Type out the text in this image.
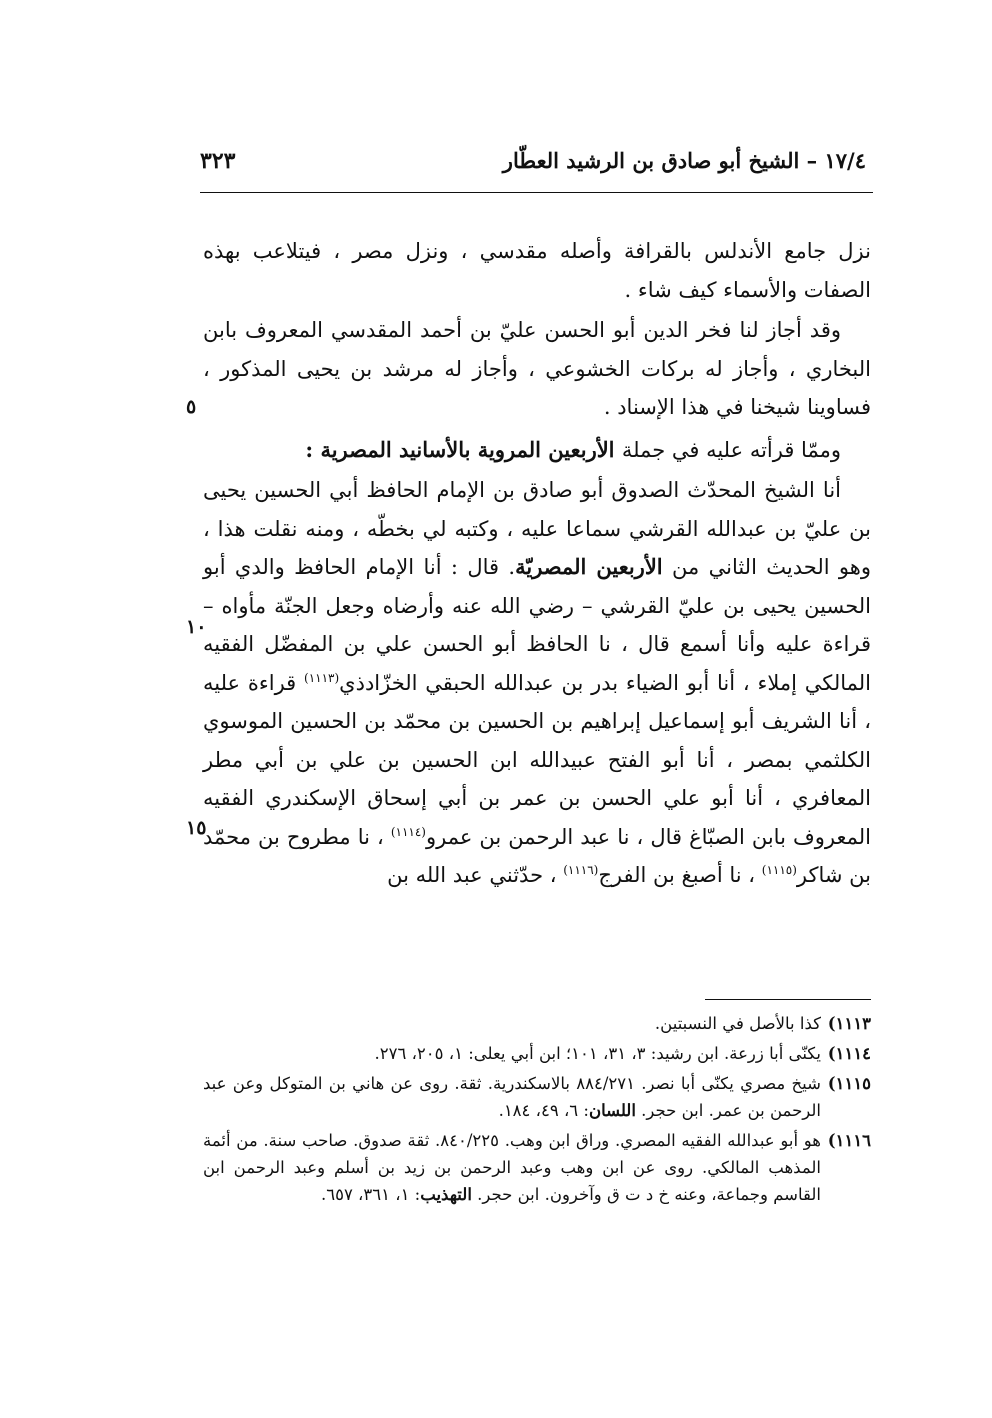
١٧/٤ – الشيخ أبو صادق بن الرشيد العطّار
٣٢٣

نزل جامع الأندلس بالقرافة وأصله مقدسي ، ونزل مصر ، فيتلاعب بهذه الصفات والأسماء كيف شاء .

وقد أجاز لنا فخر الدين أبو الحسن عليّ بن أحمد المقدسي المعروف بابن البخاري ، وأجاز له بركات الخشوعي ، وأجاز له مرشد بن يحيى المذكور ، فساوينا شيخنا في هذا الإسناد .

وممّا قرأته عليه في جملة الأربعين المروية بالأسانيد المصرية :

أنا الشيخ المحدّث الصدوق أبو صادق بن الإمام الحافظ أبي الحسين يحيى بن عليّ بن عبدالله القرشي سماعا عليه ، وكتبه لي بخطّه ، ومنه نقلت هذا ، وهو الحديث الثاني من الأربعين المصريّة. قال : أنا الإمام الحافظ والدي أبو الحسين يحيى بن عليّ القرشي – رضي الله عنه وأرضاه وجعل الجنّة مأواه – قراءة عليه وأنا أسمع قال ، نا الحافظ أبو الحسن علي بن المفضّل الفقيه المالكي إملاء ، أنا أبو الضياء بدر بن عبدالله الحبقي الخزّادذي$^{(١١١٣)}$ قراءة عليه ، أنا الشريف أبو إسماعيل إبراهيم بن الحسين بن محمّد بن الحسين الموسوي الكلثمي بمصر ، أنا أبو الفتح عبيدالله ابن الحسين بن علي بن أبي مطر المعافري ، أنا أبو علي الحسن بن عمر بن أبي إسحاق الإسكندري الفقيه المعروف بابن الصبّاغ قال ، نا عبد الرحمن بن عمرو$^{(١١١٤)}$ ، نا مطروح بن محمّد بن شاكر$^{(١١١٥)}$ ، نا أصبغ بن الفرج$^{(١١١٦)}$ ، حدّثني عبد الله بن

٥
١٠
١٥
١١١٣)
كذا بالأصل في النسبتين.
١١١٤)
يكنّى أبا زرعة. ابن رشيد: ٣، ٣١، ١٠١؛ ابن أبي يعلى: ١، ٢٠٥، ٢٧٦.
١١١٥)
شيخ مصري يكنّى أبا نصر. ٨٨٤/٢٧١ بالاسكندرية. ثقة. روى عن هاني بن المتوكل وعن عبد الرحمن بن عمر. ابن حجر. اللسان: ٦، ٤٩، ١٨٤.
١١١٦)
هو أبو عبدالله الفقيه المصري. وراق ابن وهب. ٨٤٠/٢٢٥. ثقة صدوق. صاحب سنة. من أئمة المذهب المالكي. روى عن ابن وهب وعبد الرحمن بن زيد بن أسلم وعبد الرحمن ابن القاسم وجماعة، وعنه خ د ت ق وآخرون. ابن حجر. التهذيب: ١، ٣٦١، ٦٥٧.
